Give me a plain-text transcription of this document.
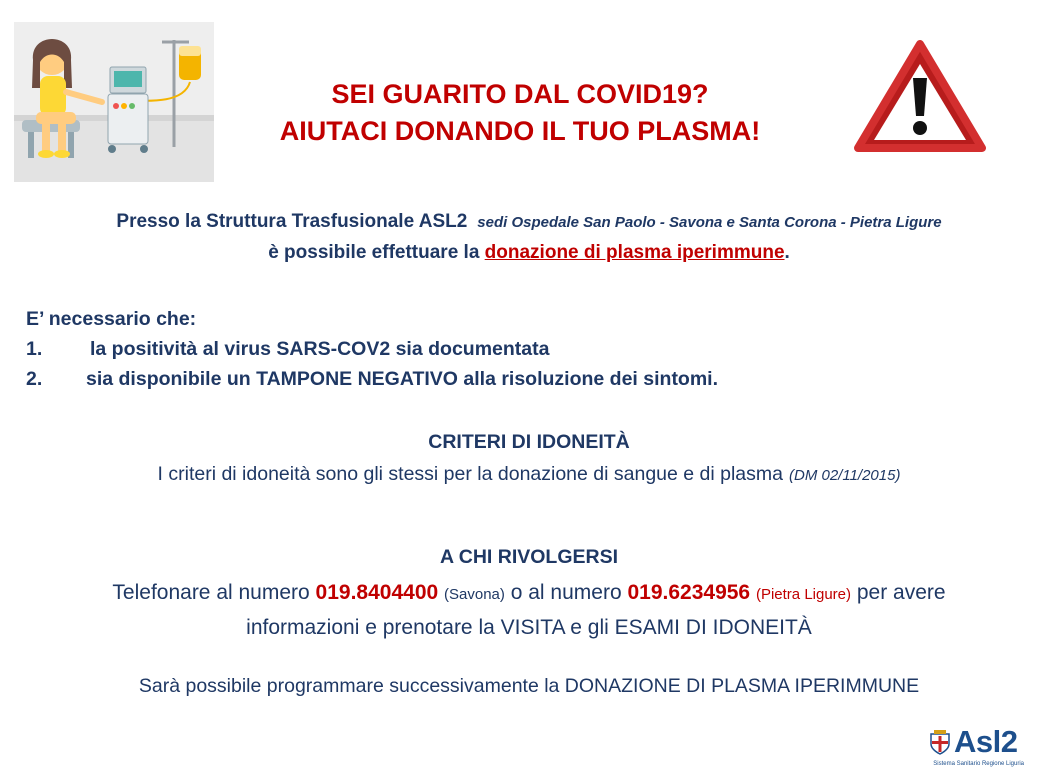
SEI GUARITO DAL COVID19?
AIUTACI DONANDO IL TUO PLASMA!
Presso la Struttura Trasfusionale ASL2 sedi Ospedale San Paolo - Savona e Santa Corona - Pietra Ligure
è possibile effettuare la donazione di plasma iperimmune.
E’ necessario che:
1. la positività al virus SARS-COV2 sia documentata
2. sia disponibile un TAMPONE NEGATIVO alla risoluzione dei sintomi.
CRITERI DI IDONEITÀ
I criteri di idoneità sono gli stessi per la donazione di sangue e di plasma (DM 02/11/2015)
A CHI RIVOLGERSI
Telefonare al numero 019.8404400 (Savona) o al numero 019.6234956 (Pietra Ligure) per avere
informazioni e prenotare la VISITA e gli ESAMI DI IDONEITÀ
Sarà possibile programmare successivamente la DONAZIONE DI PLASMA IPERIMMUNE
Asl2
Sistema Sanitario Regione Liguria
